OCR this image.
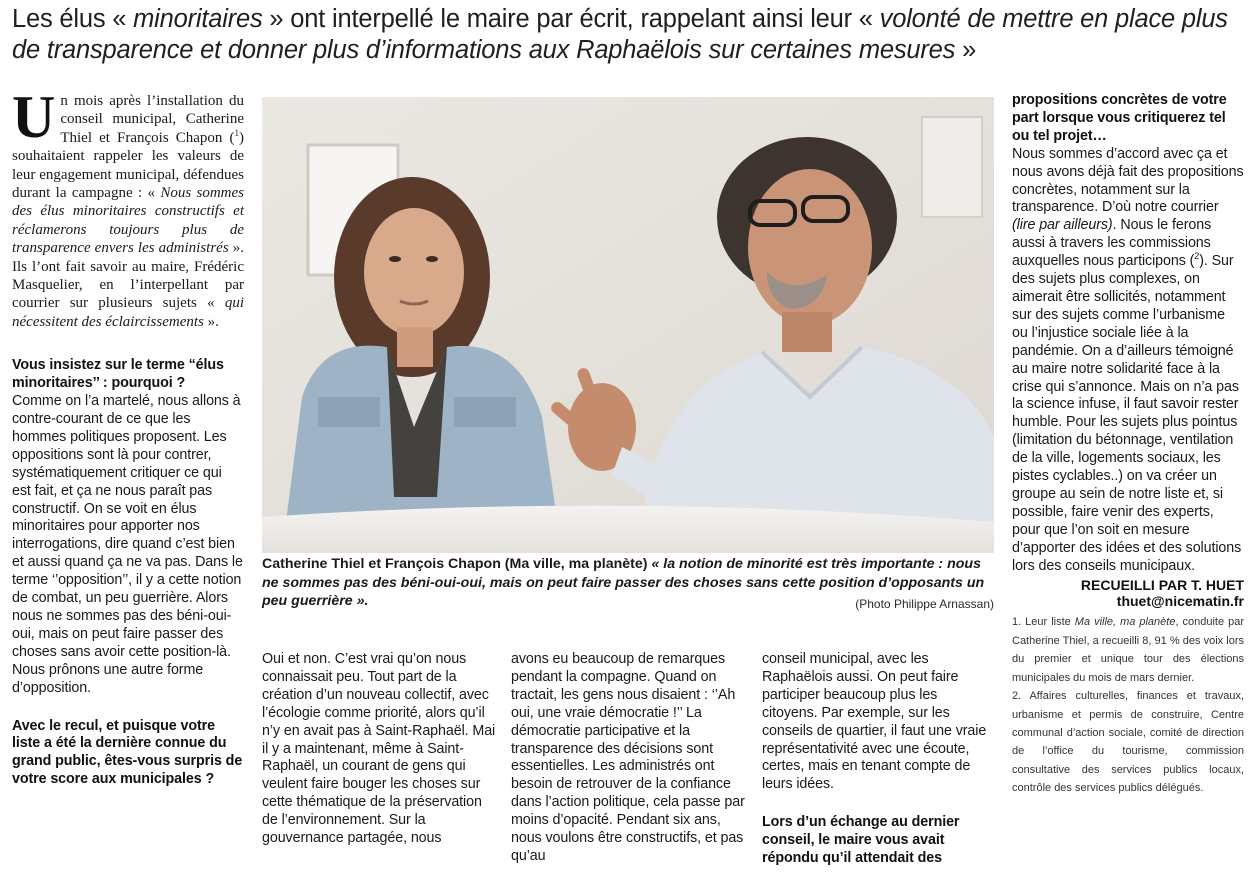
Les élus « minoritaires » ont interpellé le maire par écrit, rappelant ainsi leur « volonté de mettre en place plus de transparence et donner plus d’informations aux Raphaëlois sur certaines mesures »
Un mois après l’installation du conseil municipal, Catherine Thiel et François Chapon ($^1$) souhaitaient rappeler les valeurs de leur engagement municipal, défendues durant la campagne : « Nous sommes des élus minoritaires constructifs et réclamerons toujours plus de transparence envers les administrés ». Ils l’ont fait savoir au maire, Frédéric Masquelier, en l’interpellant par courrier sur plusieurs sujets « qui nécessitent des éclaircissements ».
Vous insistez sur le terme “élus minoritaires’’ : pourquoi ?
Comme on l’a martelé, nous allons à contre-courant de ce que les hommes politiques proposent. Les oppositions sont là pour contrer, systématiquement critiquer ce qui est fait, et ça ne nous paraît pas constructif. On se voit en élus minoritaires pour apporter nos interrogations, dire quand c’est bien et aussi quand ça ne va pas. Dans le terme ‘’opposition’’, il y a cette notion de combat, un peu guerrière. Alors nous ne sommes pas des béni-oui-oui, mais on peut faire passer des choses sans avoir cette position-là. Nous prônons une autre forme d’opposition.
Avec le recul, et puisque votre liste a été la dernière connue du grand public, êtes-vous surpris de votre score aux municipales ?
Catherine Thiel et François Chapon (Ma ville, ma planète) « la notion de minorité est très importante : nous ne sommes pas des béni-oui-oui, mais on peut faire passer des choses sans cette position d’opposants un peu guerrière ».	(Photo Philippe Arnassan)
Oui et non. C’est vrai qu’on nous connaissait peu. Tout part de la création d’un nouveau collectif, avec l’écologie comme priorité, alors qu’il n’y en avait pas à Saint-Raphaël. Mai il y a maintenant, même à Saint-Raphaël, un courant de gens qui veulent faire bouger les choses sur cette thématique de la préservation de l’environnement. Sur la gouvernance partagée, nous
avons eu beaucoup de remarques pendant la compagne. Quand on tractait, les gens nous disaient : ‘’Ah oui, une vraie démocratie !’’ La démocratie participative et la transparence des décisions sont essentielles. Les administrés ont besoin de retrouver de la confiance dans l’action politique, cela passe par moins d’opacité. Pendant six ans, nous voulons être constructifs, et pas qu’au
conseil municipal, avec les Raphaëlois aussi. On peut faire participer beaucoup plus les citoyens. Par exemple, sur les conseils de quartier, il faut une vraie représentativité avec une écoute, certes, mais en tenant compte de leurs idées.
Lors d’un échange au dernier conseil, le maire vous avait répondu qu’il attendait des
propositions concrètes de votre part lorsque vous critiquerez tel ou tel projet…
Nous sommes d’accord avec ça et nous avons déjà fait des propositions concrètes, notamment sur la transparence. D’où notre courrier (lire par ailleurs). Nous le ferons aussi à travers les commissions auxquelles nous participons ($^2$). Sur des sujets plus complexes, on aimerait être sollicités, notamment sur des sujets comme l’urbanisme ou l’injustice sociale liée à la pandémie. On a d’ailleurs témoigné au maire notre solidarité face à la crise qui s’annonce. Mais on n’a pas la science infuse, il faut savoir rester humble. Pour les sujets plus pointus (limitation du bétonnage, ventilation de la ville, logements sociaux, les pistes cyclables..) on va créer un groupe au sein de notre liste et, si possible, faire venir des experts, pour que l’on soit en mesure d’apporter des idées et des solutions lors des conseils municipaux.
RECUEILLI PAR T. HUET
thuet@nicematin.fr

1. Leur liste Ma ville, ma planète, conduite par Catherine Thiel, a recueilli 8, 91 % des voix lors du premier et unique tour des élections municipales du mois de mars dernier.

2. Affaires culturelles, finances et travaux, urbanisme et permis de construire, Centre communal d’action sociale, comité de direction de l’office du tourisme, commission consultative des services publics locaux, contrôle des services publics délégués.
